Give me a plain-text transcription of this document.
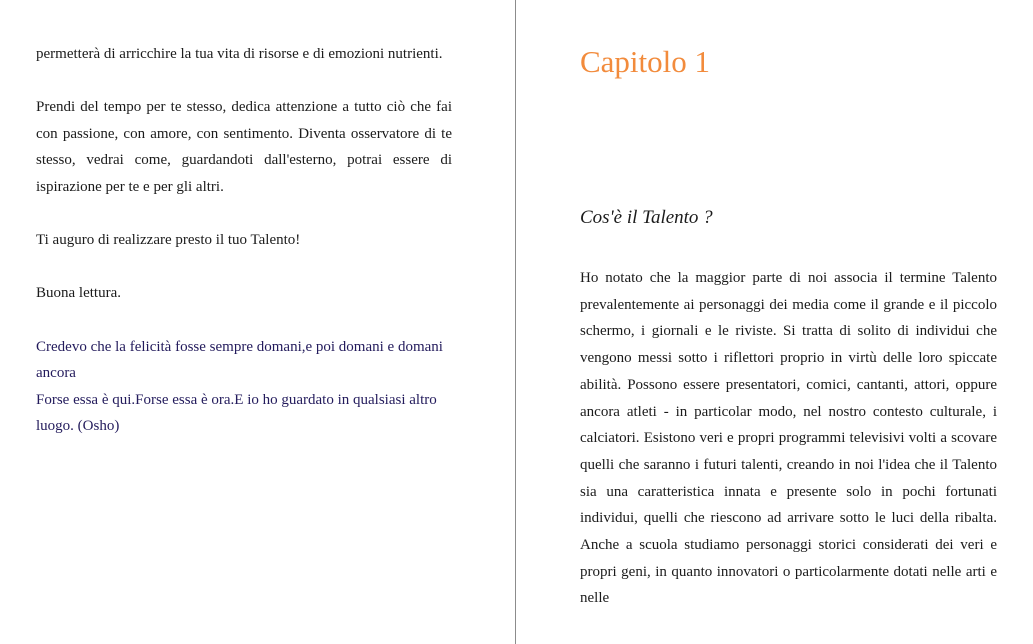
permetterà di arricchire la tua vita di risorse e di emozioni nutrienti.

Prendi del tempo per te stesso, dedica attenzione a tutto ciò che fai con passione, con amore, con sentimento. Diventa osservatore di te stesso, vedrai come, guardandoti dall'esterno, potrai essere di ispirazione per te e per gli altri.

Ti auguro di realizzare presto il tuo Talento!

Buona lettura.

Credevo che la felicità fosse sempre domani,e poi domani e domani ancora
Forse essa è qui.Forse essa è ora.E io ho guardato in qualsiasi altro luogo. (Osho)
Capitolo 1
Cos'è il Talento ?

Ho notato che la maggior parte di noi associa il termine Talento prevalentemente ai personaggi dei media come il grande e il piccolo schermo, i giornali e le riviste. Si tratta di solito di individui che vengono messi sotto i riflettori proprio in virtù delle loro spiccate abilità. Possono essere presentatori, comici, cantanti, attori, oppure ancora atleti - in particolar modo, nel nostro contesto culturale, i calciatori. Esistono veri e propri programmi televisivi volti a scovare quelli che saranno i futuri talenti, creando in noi l'idea che il Talento sia una caratteristica innata e presente solo in pochi fortunati individui, quelli che riescono ad arrivare sotto le luci della ribalta. Anche a scuola studiamo personaggi storici considerati dei veri e propri geni, in quanto innovatori o particolarmente dotati nelle arti e nelle
